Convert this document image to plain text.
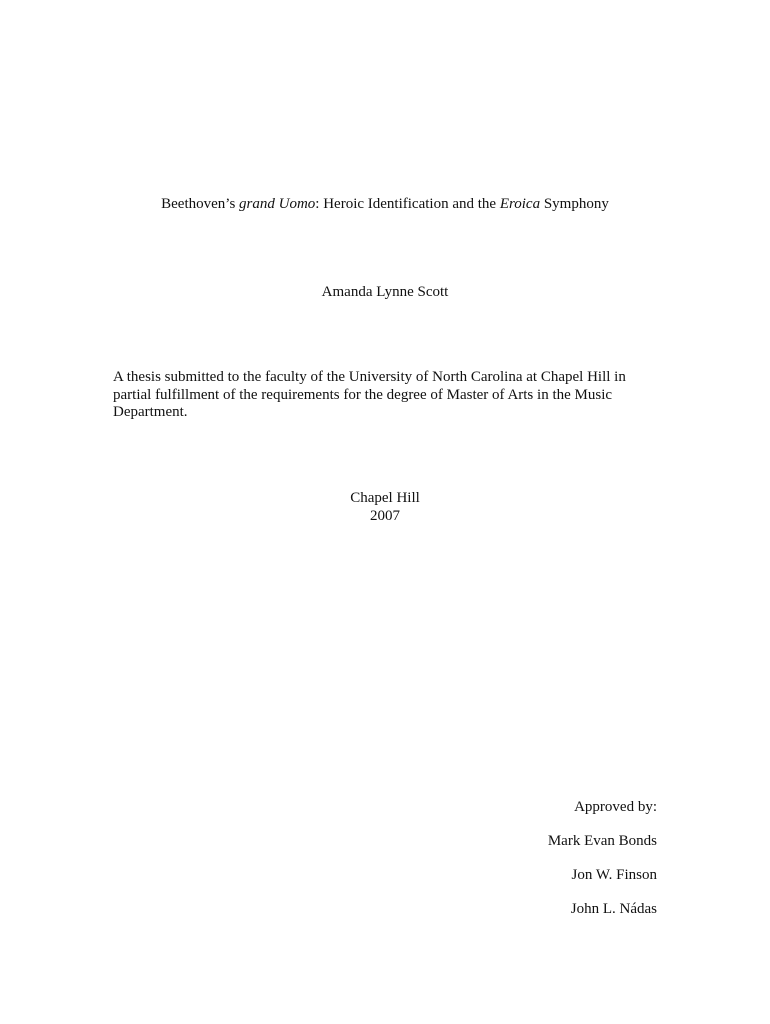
Beethoven’s grand Uomo: Heroic Identification and the Eroica Symphony
Amanda Lynne Scott
A thesis submitted to the faculty of the University of North Carolina at Chapel Hill in partial fulfillment of the requirements for the degree of Master of Arts in the Music Department.
Chapel Hill
2007
Approved by:
Mark Evan Bonds
Jon W. Finson
John L. Nádas
